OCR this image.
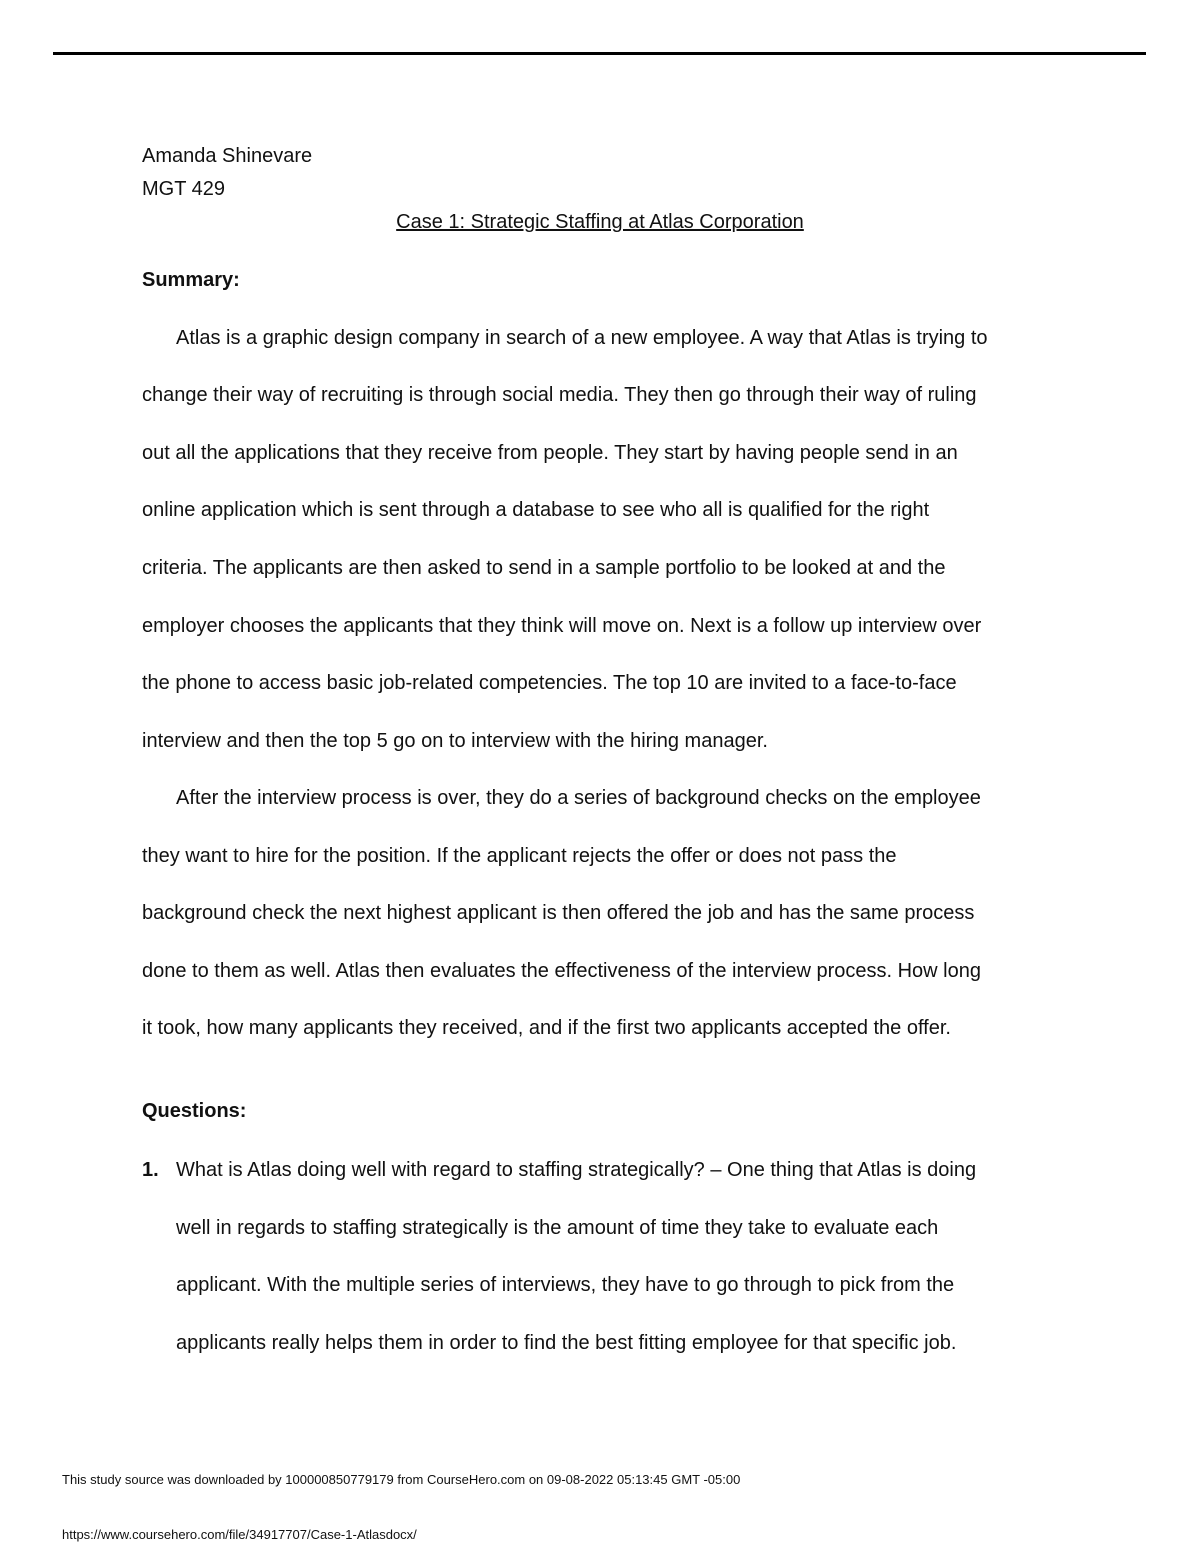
Amanda Shinevare
MGT 429
Case 1: Strategic Staffing at Atlas Corporation
Summary:
Atlas is a graphic design company in search of a new employee. A way that Atlas is trying to
change their way of recruiting is through social media. They then go through their way of ruling
out all the applications that they receive from people. They start by having people send in an
online application which is sent through a database to see who all is qualified for the right
criteria. The applicants are then asked to send in a sample portfolio to be looked at and the
employer chooses the applicants that they think will move on. Next is a follow up interview over
the phone to access basic job-related competencies. The top 10 are invited to a face-to-face
interview and then the top 5 go on to interview with the hiring manager.
After the interview process is over, they do a series of background checks on the employee
they want to hire for the position. If the applicant rejects the offer or does not pass the
background check the next highest applicant is then offered the job and has the same process
done to them as well. Atlas then evaluates the effectiveness of the interview process. How long
it took, how many applicants they received, and if the first two applicants accepted the offer.
Questions:
1. What is Atlas doing well with regard to staffing strategically? – One thing that Atlas is doing
well in regards to staffing strategically is the amount of time they take to evaluate each
applicant. With the multiple series of interviews, they have to go through to pick from the
applicants really helps them in order to find the best fitting employee for that specific job.
This study source was downloaded by 100000850779179 from CourseHero.com on 09-08-2022 05:13:45 GMT -05:00
https://www.coursehero.com/file/34917707/Case-1-Atlasdocx/
